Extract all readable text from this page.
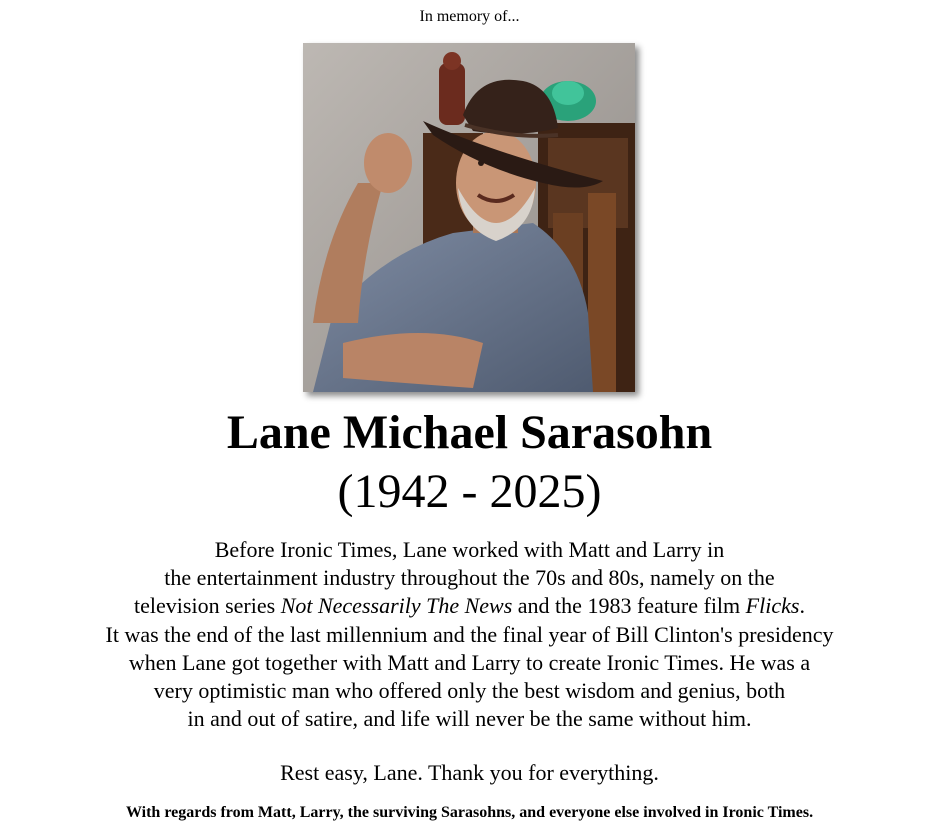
In memory of...
Lane Michael Sarasohn
(1942 - 2025)
Before Ironic Times, Lane worked with Matt and Larry in
the entertainment industry throughout the 70s and 80s, namely on the
television series Not Necessarily The News and the 1983 feature film Flicks.
It was the end of the last millennium and the final year of Bill Clinton's presidency
when Lane got together with Matt and Larry to create Ironic Times. He was a
very optimistic man who offered only the best wisdom and genius, both
in and out of satire, and life will never be the same without him.
Rest easy, Lane. Thank you for everything.
With regards from Matt, Larry, the surviving Sarasohns, and everyone else involved in Ironic Times.
